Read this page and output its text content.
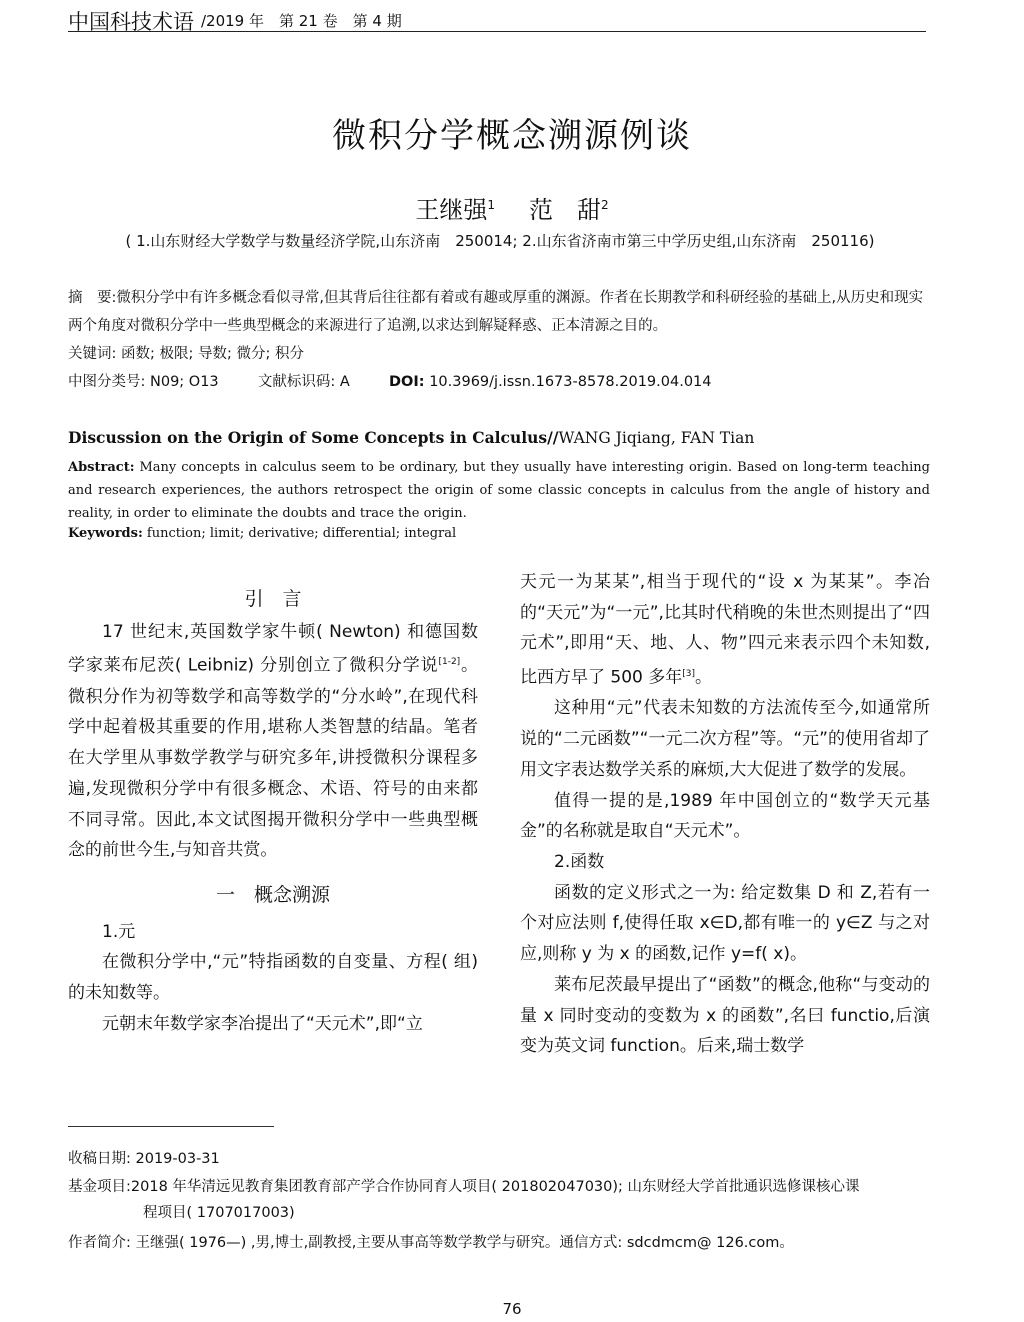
中国科技术语 /2019 年　第 21 卷　第 4 期
微积分学概念溯源例谈
王继强$^1$ 范　甜$^2$
( 1.山东财经大学数学与数量经济学院,山东济南　250014; 2.山东省济南市第三中学历史组,山东济南　250116)
摘　要:微积分学中有许多概念看似寻常,但其背后往往都有着或有趣或厚重的渊源。作者在长期教学和科研经验的基础上,从历史和现实两个角度对微积分学中一些典型概念的来源进行了追溯,以求达到解疑释惑、正本清源之目的。
关键词: 函数; 极限; 导数; 微分; 积分
中图分类号: N09; O13	文献标识码: A	DOI: 10.3969/j.issn.1673-8578.2019.04.014
Discussion on the Origin of Some Concepts in Calculus//WANG Jiqiang, FAN Tian
Abstract: Many concepts in calculus seem to be ordinary, but they usually have interesting origin. Based on long-term teaching and research experiences, the authors retrospect the origin of some classic concepts in calculus from the angle of history and reality, in order to eliminate the doubts and trace the origin.
Keywords: function; limit; derivative; differential; integral

引　言

17 世纪末,英国数学家牛顿( Newton) 和德国数学家莱布尼茨( Leibniz) 分别创立了微积分学说[1-2]。微积分作为初等数学和高等数学的“分水岭”,在现代科学中起着极其重要的作用,堪称人类智慧的结晶。笔者在大学里从事数学教学与研究多年,讲授微积分课程多遍,发现微积分学中有很多概念、术语、符号的由来都不同寻常。因此,本文试图揭开微积分学中一些典型概念的前世今生,与知音共赏。

一　概念溯源

1.元

在微积分学中,“元”特指函数的自变量、方程( 组) 的未知数等。

元朝末年数学家李冶提出了“天元术”,即“立

天元一为某某”,相当于现代的“设 x 为某某”。李冶的“天元”为“一元”,比其时代稍晚的朱世杰则提出了“四元术”,即用“天、地、人、物”四元来表示四个未知数,比西方早了 500 多年[3]。

这种用“元”代表未知数的方法流传至今,如通常所说的“二元函数”“一元二次方程”等。“元”的使用省却了用文字表达数学关系的麻烦,大大促进了数学的发展。

值得一提的是,1989 年中国创立的“数学天元基金”的名称就是取自“天元术”。

2.函数

函数的定义形式之一为: 给定数集 D 和 Z,若有一个对应法则 f,使得任取 x∈D,都有唯一的 y∈Z 与之对应,则称 y 为 x 的函数,记作 y=f( x)。

莱布尼茨最早提出了“函数”的概念,他称“与变动的量 x 同时变动的变数为 x 的函数”,名曰 functio,后演变为英文词 function。后来,瑞士数学

收稿日期: 2019-03-31
基金项目:2018 年华清远见教育集团教育部产学合作协同育人项目( 201802047030); 山东财经大学首批通识选修课核心课
程项目( 1707017003)
作者简介: 王继强( 1976—) ,男,博士,副教授,主要从事高等数学教学与研究。通信方式: sdcdmcm@ 126.com。
76
